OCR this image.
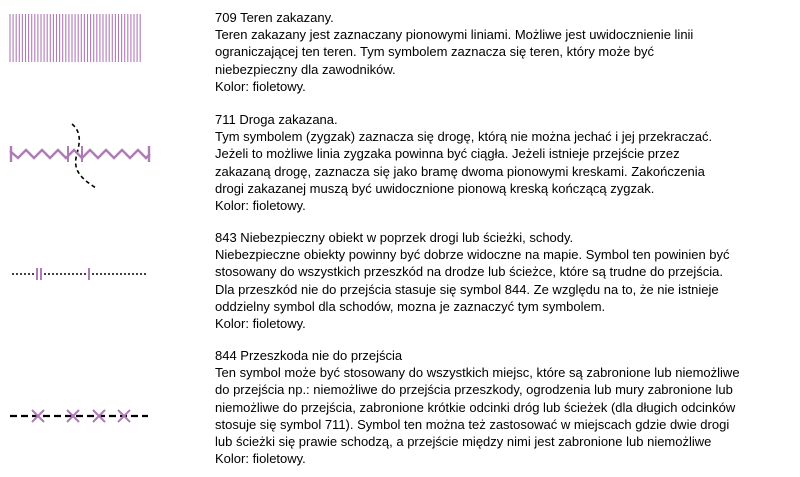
709 Teren zakazany.
Teren zakazany jest zaznaczany pionowymi liniami. Możliwe jest uwidocznienie linii
ograniczającej ten teren. Tym symbolem zaznacza się teren, który może być
niebezpieczny dla zawodników.
Kolor: fioletowy.
711 Droga zakazana.
Tym symbolem (zygzak) zaznacza się drogę, którą nie można jechać i jej przekraczać.
Jeżeli to możliwe linia zygzaka powinna być ciągła. Jeżeli istnieje przejście przez
zakazaną drogę, zaznacza się jako bramę dwoma pionowymi kreskami. Zakończenia
drogi zakazanej muszą być uwidocznione pionową kreską kończącą zygzak.
Kolor: fioletowy.
843 Niebezpieczny obiekt w poprzek drogi lub ścieżki, schody.
Niebezpieczne obiekty powinny być dobrze widoczne na mapie. Symbol ten powinien być
stosowany do wszystkich przeszkód na drodze lub ścieżce, które są trudne do przejścia.
Dla przeszkód nie do przejścia stasuje się symbol 844. Ze względu na to, że nie istnieje
oddzielny symbol dla schodów, mozna je zaznaczyć tym symbolem.
Kolor: fioletowy.
844 Przeszkoda nie do przejścia
Ten symbol może być stosowany do wszystkich miejsc, które są zabronione lub niemożliwe
do przejścia np.: niemożliwe do przejścia przeszkody, ogrodzenia lub mury zabronione lub
niemożliwe do przejścia, zabronione krótkie odcinki dróg lub ścieżek (dla długich odcinków
stosuje się symbol 711). Symbol ten można też zastosować w miejscach gdzie dwie drogi
lub ścieżki się prawie schodzą, a przejście między nimi jest zabronione lub niemożliwe
Kolor: fioletowy.
